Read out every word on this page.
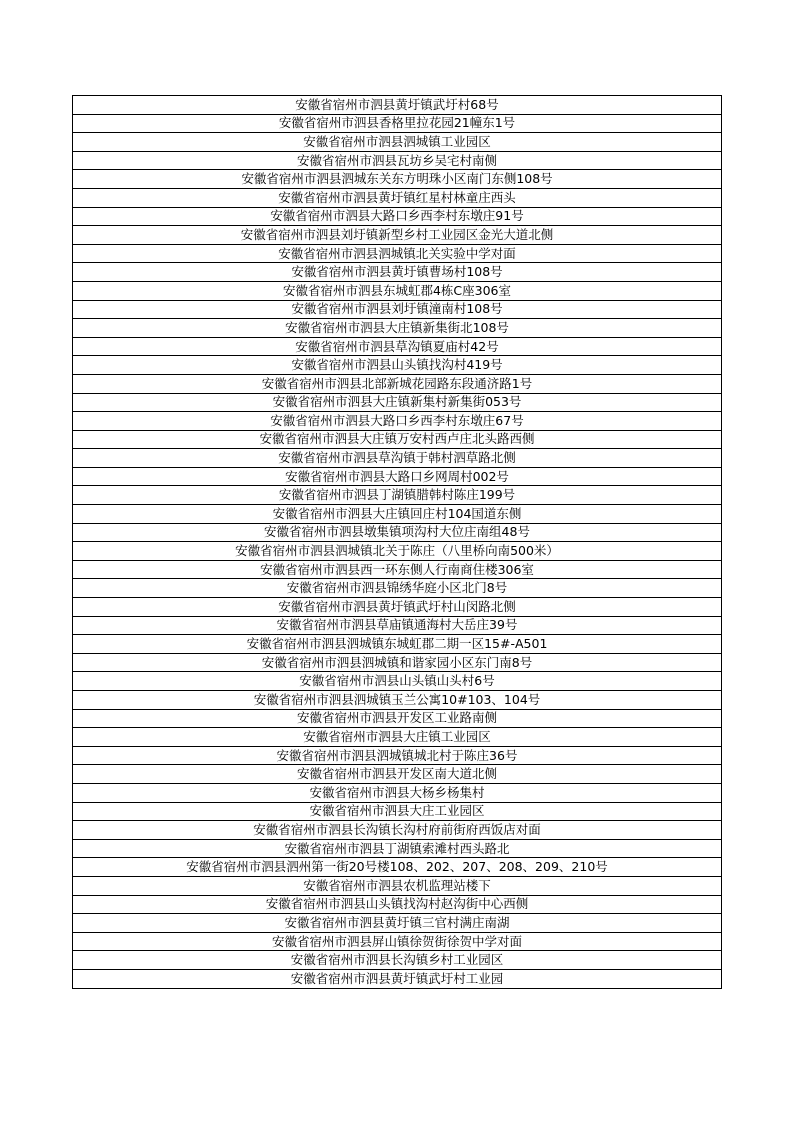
安徽省宿州市泗县黄圩镇武圩村68号
安徽省宿州市泗县香格里拉花园21幢东1号
安徽省宿州市泗县泗城镇工业园区
安徽省宿州市泗县瓦坊乡吴宅村南侧
安徽省宿州市泗县泗城东关东方明珠小区南门东侧108号
安徽省宿州市泗县黄圩镇红星村林童庄西头
安徽省宿州市泗县大路口乡西李村东墩庄91号
安徽省宿州市泗县刘圩镇新型乡村工业园区金光大道北侧
安徽省宿州市泗县泗城镇北关实验中学对面
安徽省宿州市泗县黄圩镇曹场村108号
安徽省宿州市泗县东城虹郡4栋C座306室
安徽省宿州市泗县刘圩镇潼南村108号
安徽省宿州市泗县大庄镇新集街北108号
安徽省宿州市泗县草沟镇夏庙村42号
安徽省宿州市泗县山头镇找沟村419号
安徽省宿州市泗县北部新城花园路东段通济路1号
安徽省宿州市泗县大庄镇新集村新集街053号
安徽省宿州市泗县大路口乡西李村东墩庄67号
安徽省宿州市泗县大庄镇万安村西卢庄北头路西侧
安徽省宿州市泗县草沟镇于韩村泗草路北侧
安徽省宿州市泗县大路口乡网周村002号
安徽省宿州市泗县丁湖镇腊韩村陈庄199号
安徽省宿州市泗县大庄镇回庄村104国道东侧
安徽省宿州市泗县墩集镇项沟村大位庄南组48号
安徽省宿州市泗县泗城镇北关于陈庄（八里桥向南500米）
安徽省宿州市泗县西一环东侧人行南商住楼306室
安徽省宿州市泗县锦绣华庭小区北门8号
安徽省宿州市泗县黄圩镇武圩村山闵路北侧
安徽省宿州市泗县草庙镇通海村大岳庄39号
安徽省宿州市泗县泗城镇东城虹郡二期一区15#-A501
安徽省宿州市泗县泗城镇和谐家园小区东门南8号
安徽省宿州市泗县山头镇山头村6号
安徽省宿州市泗县泗城镇玉兰公寓10#103、104号
安徽省宿州市泗县开发区工业路南侧
安徽省宿州市泗县大庄镇工业园区
安徽省宿州市泗县泗城镇城北村于陈庄36号
安徽省宿州市泗县开发区南大道北侧
安徽省宿州市泗县大杨乡杨集村
安徽省宿州市泗县大庄工业园区
安徽省宿州市泗县长沟镇长沟村府前街府西饭店对面
安徽省宿州市泗县丁湖镇索滩村西头路北
安徽省宿州市泗县泗州第一街20号楼108、202、207、208、209、210号
安徽省宿州市泗县农机监理站楼下
安徽省宿州市泗县山头镇找沟村赵沟街中心西侧
安徽省宿州市泗县黄圩镇三官村满庄南湖
安徽省宿州市泗县屏山镇徐贺街徐贺中学对面
安徽省宿州市泗县长沟镇乡村工业园区
安徽省宿州市泗县黄圩镇武圩村工业园
